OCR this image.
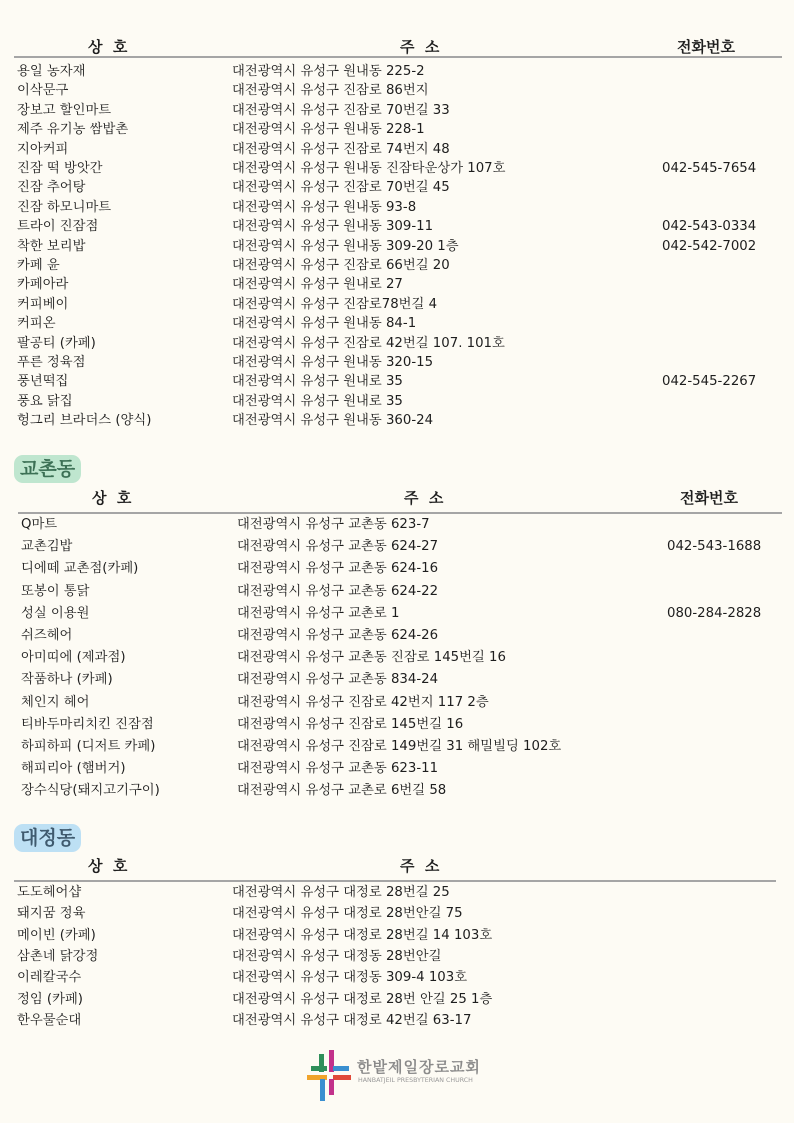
상  호	주  소	전화번호
용일 농자재	대전광역시 유성구 원내동 225-2
이삭문구	대전광역시 유성구 진잠로 86번지
장보고 할인마트	대전광역시 유성구 진잠로 70번길 33
제주 유기농 쌈밥촌	대전광역시 유성구 원내동 228-1
지아커피	대전광역시 유성구 진잠로 74번지 48
진잠 떡 방앗간	대전광역시 유성구 원내동 진잠타운상가 107호	042-545-7654
진잠 추어탕	대전광역시 유성구 진잠로 70번길 45
진잠 하모니마트	대전광역시 유성구 원내동 93-8
트라이 진잠점	대전광역시 유성구 원내동 309-11	042-543-0334
착한 보리밥	대전광역시 유성구 원내동 309-20 1층	042-542-7002
카페 윤	대전광역시 유성구 진잠로 66번길 20
카페아라	대전광역시 유성구 원내로 27
커피베이	대전광역시 유성구 진잠로78번길 4
커피온	대전광역시 유성구 원내동 84-1
팔공티 (카페)	대전광역시 유성구 진잠로 42번길 107. 101호
푸른 정육점	대전광역시 유성구 원내동 320-15
풍년떡집	대전광역시 유성구 원내로 35	042-545-2267
풍요 닭집	대전광역시 유성구 원내로 35
헝그리 브라더스 (양식)	대전광역시 유성구 원내동 360-24
교촌동
상  호	주  소	전화번호
Q마트	대전광역시 유성구 교촌동 623-7
교촌김밥	대전광역시 유성구 교촌동 624-27	042-543-1688
디에떼 교촌점(카페)	대전광역시 유성구 교촌동 624-16
또봉이 통닭	대전광역시 유성구 교촌동 624-22
성실 이용원	대전광역시 유성구 교촌로 1	080-284-2828
쉬즈헤어	대전광역시 유성구 교촌동 624-26
아미띠에 (제과점)	대전광역시 유성구 교촌동 진잠로 145번길 16
작품하나 (카페)	대전광역시 유성구 교촌동 834-24
체인지 헤어	대전광역시 유성구 진잠로 42번지 117 2층
티바두마리치킨 진잠점	대전광역시 유성구 진잠로 145번길 16
하피하피 (디저트 카페)	대전광역시 유성구 진잠로 149번길 31 해밀빌딩 102호
해피리아 (햄버거)	대전광역시 유성구 교촌동 623-11
장수식당(돼지고기구이)	대전광역시 유성구 교촌로 6번길 58
대정동
상  호	주  소
도도헤어샵	대전광역시 유성구 대정로 28번길 25
돼지꿈 정육	대전광역시 유성구 대정로 28번안길 75
메이빈 (카페)	대전광역시 유성구 대정로 28번길 14 103호
삼촌네 닭강정	대전광역시 유성구 대정동 28번안길
이레칼국수	대전광역시 유성구 대정동 309-4 103호
정임 (카페)	대전광역시 유성구 대정로 28번 안길 25 1층
한우물순대	대전광역시 유성구 대정로 42번길 63-17
한밭제일장로교회
HANBATJEIL PRESBYTERIAN CHURCH
